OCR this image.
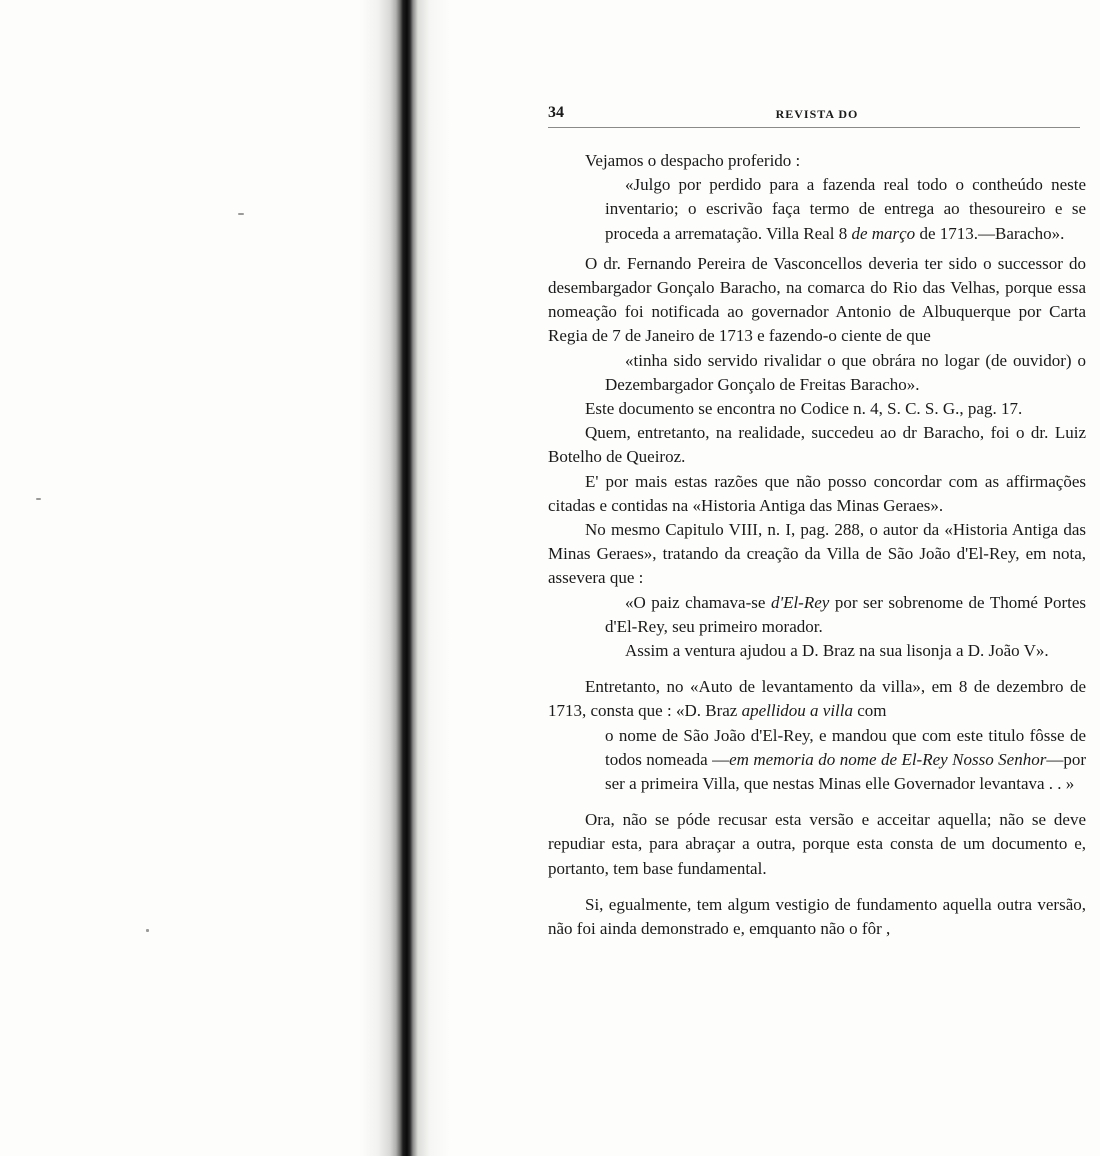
34	REVISTA DO

Vejamos o despacho proferido :

«Julgo por perdido para a fazenda real todo o contheúdo neste inventario; o escrivão faça termo de entrega ao thesoureiro e se proceda a arrematação. Villa Real 8 de março de 1713.—Baracho».

O dr. Fernando Pereira de Vasconcellos deveria ter sido o successor do desembargador Gonçalo Baracho, na comarca do Rio das Velhas, porque essa nomeação foi notificada ao governador Antonio de Albuquerque por Carta Regia de 7 de Janeiro de 1713 e fazendo-o ciente de que

«tinha sido servido rivalidar o que obrára no logar (de ouvidor) o Dezembargador Gonçalo de Freitas Baracho».

Este documento se encontra no Codice n. 4, S. C. S. G., pag. 17.

Quem, entretanto, na realidade, succedeu ao dr Baracho, foi o dr. Luiz Botelho de Queiroz.

E' por mais estas razões que não posso concordar com as affirmações citadas e contidas na «Historia Antiga das Minas Geraes».

No mesmo Capitulo VIII, n. I, pag. 288, o autor da «Historia Antiga das Minas Geraes», tratando da creação da Villa de São João d'El-Rey, em nota, assevera que :

«O paiz chamava-se d'El-Rey por ser sobrenome de Thomé Portes d'El-Rey, seu primeiro morador.

Assim a ventura ajudou a D. Braz na sua lisonja a D. João V».

Entretanto, no «Auto de levantamento da villa», em 8 de dezembro de 1713, consta que : «D. Braz apellidou a villa com

o nome de São João d'El-Rey, e mandou que com este titulo fôsse de todos nomeada —em memoria do nome de El-Rey Nosso Senhor—por ser a primeira Villa, que nestas Minas elle Governador levantava . . »

Ora, não se póde recusar esta versão e acceitar aquella; não se deve repudiar esta, para abraçar a outra, porque esta consta de um documento e, portanto, tem base fundamental.

Si, egualmente, tem algum vestigio de fundamento aquella outra versão, não foi ainda demonstrado e, emquanto não o fôr ,
